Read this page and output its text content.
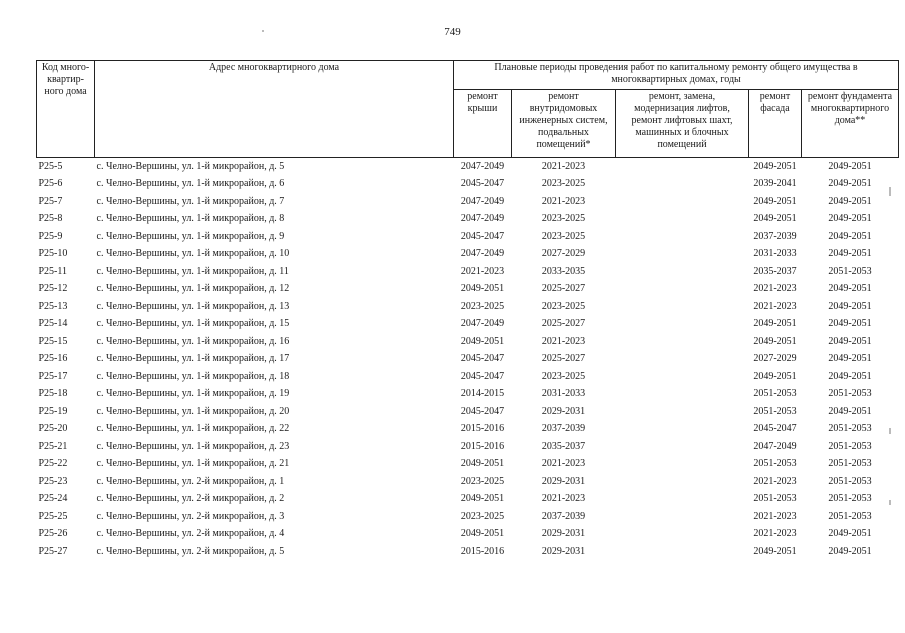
749
Код много-квартир-ного дома	Адрес многоквартирного дома	Плановые периоды проведения работ по капитальному ремонту общего имущества в многоквартирных домах, годы				
		ремонт крыши	ремонт внутридомовых инженерных систем, подвальных помещений*	ремонт, замена, модернизация лифтов, ремонт лифтовых шахт, машинных и блочных помещений	ремонт фасада	ремонт фундамента многоквартирного дома**
P25-5	с. Челно-Вершины, ул. 1-й микрорайон, д. 5	2047-2049	2021-2023		2049-2051	2049-2051
P25-6	с. Челно-Вершины, ул. 1-й микрорайон, д. 6	2045-2047	2023-2025		2039-2041	2049-2051
P25-7	с. Челно-Вершины, ул. 1-й микрорайон, д. 7	2047-2049	2021-2023		2049-2051	2049-2051
P25-8	с. Челно-Вершины, ул. 1-й микрорайон, д. 8	2047-2049	2023-2025		2049-2051	2049-2051
P25-9	с. Челно-Вершины, ул. 1-й микрорайон, д. 9	2045-2047	2023-2025		2037-2039	2049-2051
P25-10	с. Челно-Вершины, ул. 1-й микрорайон, д. 10	2047-2049	2027-2029		2031-2033	2049-2051
P25-11	с. Челно-Вершины, ул. 1-й микрорайон, д. 11	2021-2023	2033-2035		2035-2037	2051-2053
P25-12	с. Челно-Вершины, ул. 1-й микрорайон, д. 12	2049-2051	2025-2027		2021-2023	2049-2051
P25-13	с. Челно-Вершины, ул. 1-й микрорайон, д. 13	2023-2025	2023-2025		2021-2023	2049-2051
P25-14	с. Челно-Вершины, ул. 1-й микрорайон, д. 15	2047-2049	2025-2027		2049-2051	2049-2051
P25-15	с. Челно-Вершины, ул. 1-й микрорайон, д. 16	2049-2051	2021-2023		2049-2051	2049-2051
P25-16	с. Челно-Вершины, ул. 1-й микрорайон, д. 17	2045-2047	2025-2027		2027-2029	2049-2051
P25-17	с. Челно-Вершины, ул. 1-й микрорайон, д. 18	2045-2047	2023-2025		2049-2051	2049-2051
P25-18	с. Челно-Вершины, ул. 1-й микрорайон, д. 19	2014-2015	2031-2033		2051-2053	2051-2053
P25-19	с. Челно-Вершины, ул. 1-й микрорайон, д. 20	2045-2047	2029-2031		2051-2053	2049-2051
P25-20	с. Челно-Вершины, ул. 1-й микрорайон, д. 22	2015-2016	2037-2039		2045-2047	2051-2053
P25-21	с. Челно-Вершины, ул. 1-й микрорайон, д. 23	2015-2016	2035-2037		2047-2049	2051-2053
P25-22	с. Челно-Вершины, ул. 1-й микрорайон, д. 21	2049-2051	2021-2023		2051-2053	2051-2053
P25-23	с. Челно-Вершины, ул. 2-й микрорайон, д. 1	2023-2025	2029-2031		2021-2023	2051-2053
P25-24	с. Челно-Вершины, ул. 2-й микрорайон, д. 2	2049-2051	2021-2023		2051-2053	2051-2053
P25-25	с. Челно-Вершины, ул. 2-й микрорайон, д. 3	2023-2025	2037-2039		2021-2023	2051-2053
P25-26	с. Челно-Вершины, ул. 2-й микрорайон, д. 4	2049-2051	2029-2031		2021-2023	2049-2051
P25-27	с. Челно-Вершины, ул. 2-й микрорайон, д. 5	2015-2016	2029-2031		2049-2051	2049-2051
